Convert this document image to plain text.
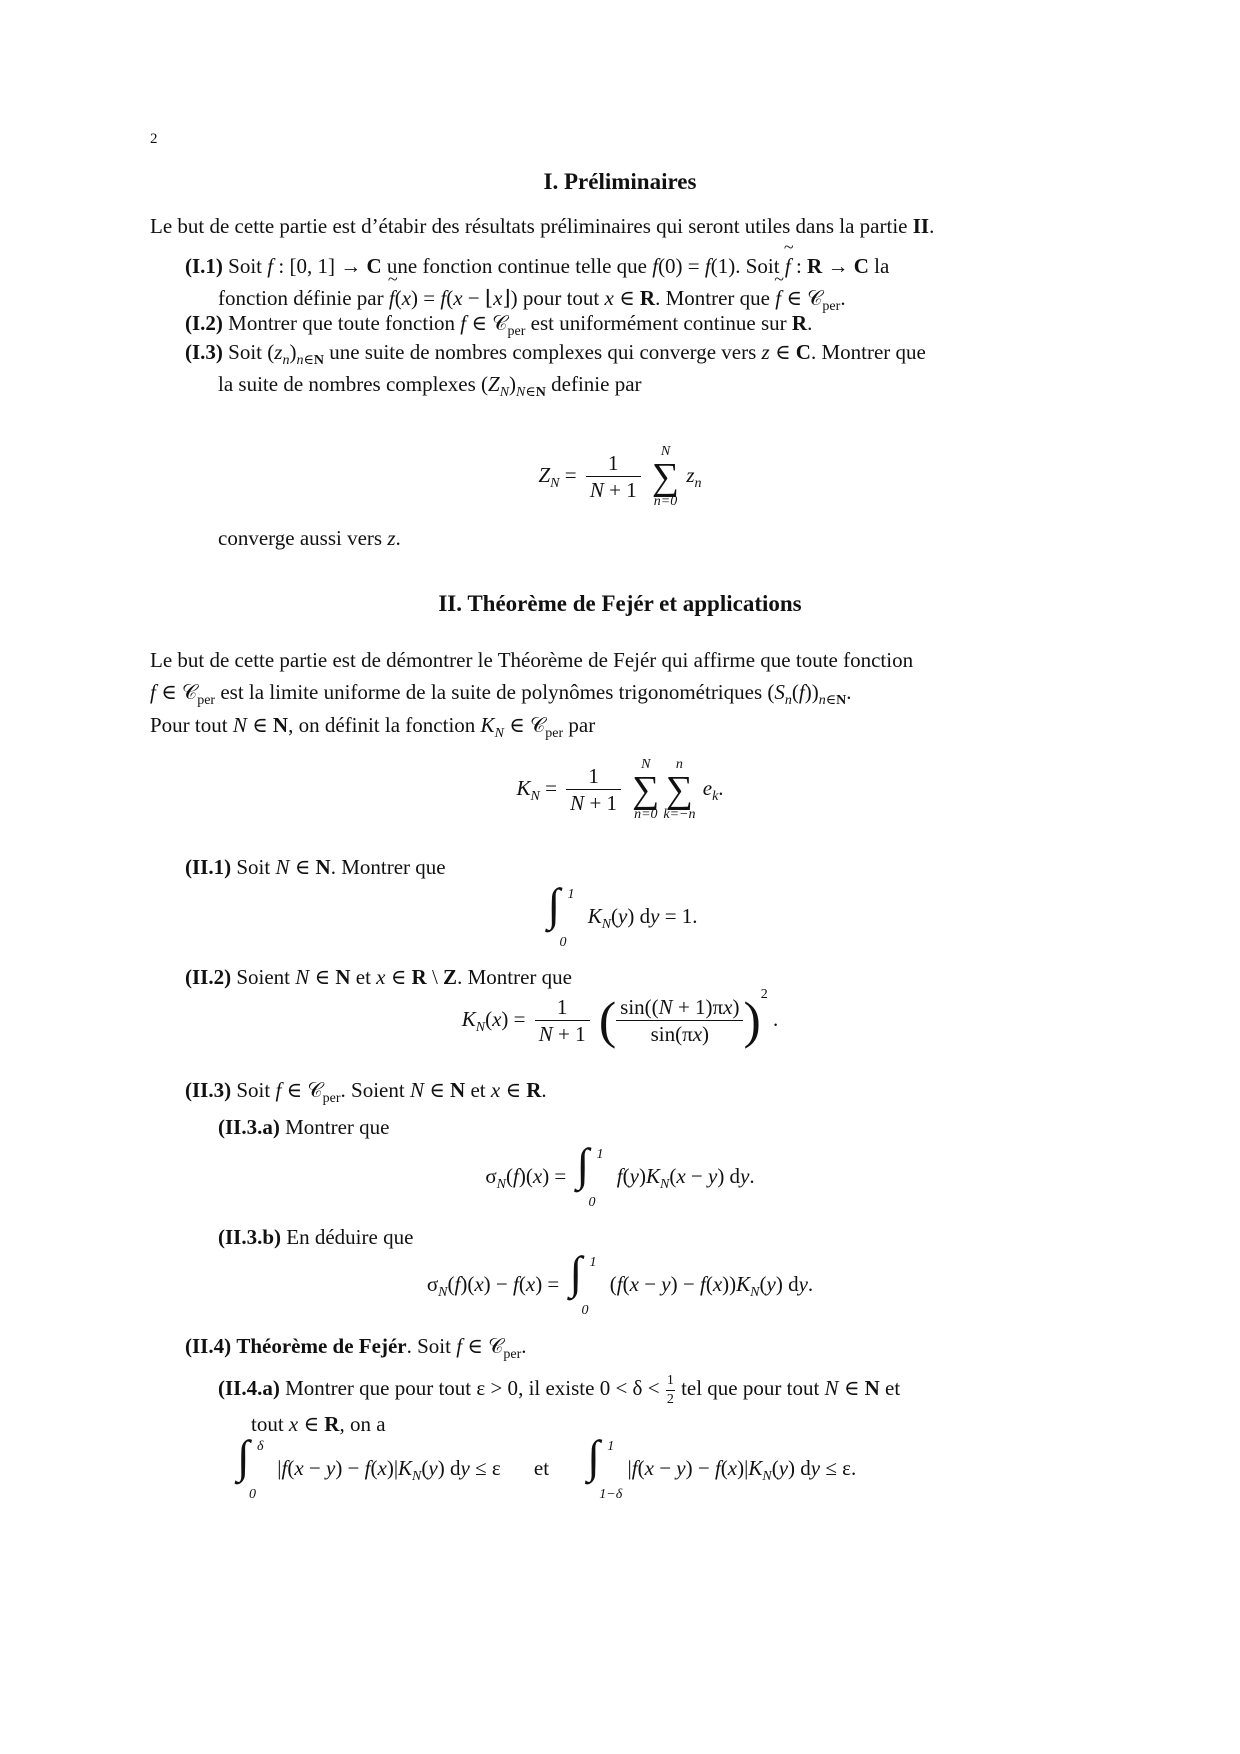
2
I. Préliminaires
Le but de cette partie est d’étabir des résultats préliminaires qui seront utiles dans la partie II.
(I.1) Soit f : [0, 1] → C une fonction continue telle que f(0) = f(1). Soit ~ f : R → C la
fonction définie par ~ f(x) = f(x − ⌊x⌋) pour tout x ∈ R. Montrer que ~ f ∈ 𝒞$_{per}$.
(I.2) Montrer que toute fonction f ∈ 𝒞$_{per}$ est uniformément continue sur R.
(I.3) Soit $(z_n)_{n\in N}$ une suite de nombres complexes qui converge vers z ∈ C. Montrer que
la suite de nombres complexes $(Z_N)_{N\in N}$ definie par
$Z_N = \frac{1}{N + 1}$
	N
∑
n=0
$z_n$
converge aussi vers z.
II. Théorème de Fejér et applications
Le but de cette partie est de démontrer le Théorème de Fejér qui affirme que toute fonction
f ∈ 𝒞$_{per}$ est la limite uniforme de la suite de polynômes trigonométriques $(S_n(f))_{n\in N}$.
Pour tout N ∈ N, on définit la fonction $K_N$ ∈ 𝒞$_{per}$ par
$K_N = \frac{1}{N + 1}$
	N
∑
n=0
n
∑
k=−n
$e_k$.
(II.1) Soit N ∈ N. Montrer que
∫ 1
0
$K_N(y)$ dy = 1.
(II.2) Soient N ∈ N et x ∈ R \ Z. Montrer que
$K_N(x) = \frac{1}{N + 1}$ ( $\frac{\sin((N + 1)\pi x)}{\sin(\pi x)} )^2$ .
(II.3) Soit f ∈ 𝒞$_{per}$. Soient N ∈ N et x ∈ R.
(II.3.a) Montrer que
$\sigma_N(f)(x)$ = ∫ 1
0
$f(y)K_N(x - y)$ dy.
(II.3.b) En déduire que
$\sigma_N(f)(x) - f(x)$ = ∫ 1
0
$(f(x - y) - f(x))K_N(y)$ dy.
(II.4) Théorème de Fejér. Soit f ∈ 𝒞$_{per}$.
(II.4.a) Montrer que pour tout ε > 0, il existe $0 < \delta < \frac{1}{2}$ tel que pour tout N ∈ N et
tout x ∈ R, on a
∫ δ
0
$|f(x - y) - f(x)|K_N(y)$ dy ≤ ε et ∫ 1
1−δ
$|f(x - y) - f(x)|K_N(y)$ dy ≤ ε.
